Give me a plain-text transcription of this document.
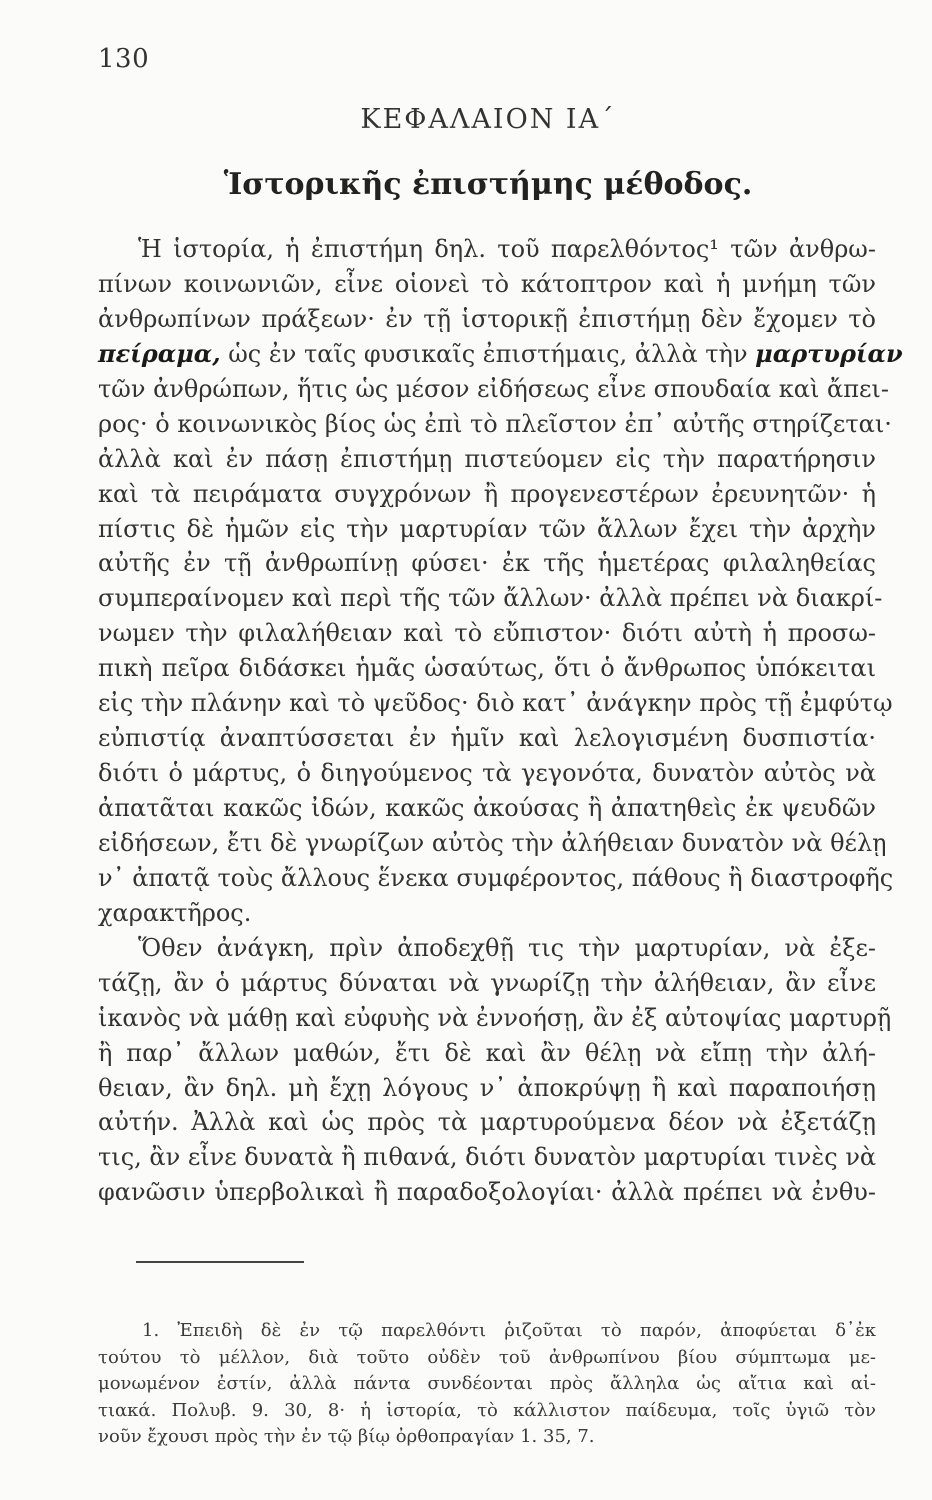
130
ΚΕΦΑΛΑΙΟΝ ΙΑ΄
Ἱστορικῆς ἐπιστήμης μέθοδος.
Ἡ ἱστορία, ἡ ἐπιστήμη δηλ. τοῦ παρελθόντος¹ τῶν ἀνθρω-
πίνων κοινωνιῶν, εἶνε οἱονεὶ τὸ κάτοπτρον καὶ ἡ μνήμη τῶν
ἀνθρωπίνων πράξεων· ἐν τῇ ἱστορικῇ ἐπιστήμῃ δὲν ἔχομεν τὸ
πείραμα, ὡς ἐν ταῖς φυσικαῖς ἐπιστήμαις, ἀλλὰ τὴν μαρτυρίαν
τῶν ἀνθρώπων, ἥτις ὡς μέσον εἰδήσεως εἶνε σπουδαία καὶ ἄπει-
ρος· ὁ κοινωνικὸς βίος ὡς ἐπὶ τὸ πλεῖστον ἐπ᾿ αὐτῆς στηρίζεται·
ἀλλὰ καὶ ἐν πάσῃ ἐπιστήμῃ πιστεύομεν εἰς τὴν παρατήρησιν
καὶ τὰ πειράματα συγχρόνων ἢ προγενεστέρων ἐρευνητῶν· ἡ
πίστις δὲ ἡμῶν εἰς τὴν μαρτυρίαν τῶν ἄλλων ἔχει τὴν ἀρχὴν
αὐτῆς ἐν τῇ ἀνθρωπίνῃ φύσει· ἐκ τῆς ἡμετέρας φιλαληθείας
συμπεραίνομεν καὶ περὶ τῆς τῶν ἄλλων· ἀλλὰ πρέπει νὰ διακρί-
νωμεν τὴν φιλαλήθειαν καὶ τὸ εὔπιστον· διότι αὐτὴ ἡ προσω-
πικὴ πεῖρα διδάσκει ἡμᾶς ὡσαύτως, ὅτι ὁ ἄνθρωπος ὑπόκειται
εἰς τὴν πλάνην καὶ τὸ ψεῦδος· διὸ κατ᾿ ἀνάγκην πρὸς τῇ ἐμφύτῳ
εὐπιστίᾳ ἀναπτύσσεται ἐν ἡμῖν καὶ λελογισμένη δυσπιστία·
διότι ὁ μάρτυς, ὁ διηγούμενος τὰ γεγονότα, δυνατὸν αὐτὸς νὰ
ἀπατᾶται κακῶς ἰδών, κακῶς ἀκούσας ἢ ἀπατηθεὶς ἐκ ψευδῶν
εἰδήσεων, ἔτι δὲ γνωρίζων αὐτὸς τὴν ἀλήθειαν δυνατὸν νὰ θέλῃ
ν᾿ ἀπατᾷ τοὺς ἄλλους ἕνεκα συμφέροντος, πάθους ἢ διαστροφῆς
χαρακτῆρος.
Ὅθεν ἀνάγκη, πρὶν ἀποδεχθῇ τις τὴν μαρτυρίαν, νὰ ἐξε-
τάζῃ, ἂν ὁ μάρτυς δύναται νὰ γνωρίζῃ τὴν ἀλήθειαν, ἂν εἶνε
ἱκανὸς νὰ μάθῃ καὶ εὐφυὴς νὰ ἐννοήσῃ, ἂν ἐξ αὐτοψίας μαρτυρῇ
ἢ παρ᾿ ἄλλων μαθών, ἔτι δὲ καὶ ἂν θέλῃ νὰ εἴπῃ τὴν ἀλή-
θειαν, ἂν δηλ. μὴ ἔχῃ λόγους ν᾿ ἀποκρύψῃ ἢ καὶ παραποιήσῃ
αὐτήν. Ἀλλὰ καὶ ὡς πρὸς τὰ μαρτυρούμενα δέον νὰ ἐξετάζῃ
τις, ἂν εἶνε δυνατὰ ἢ πιθανά, διότι δυνατὸν μαρτυρίαι τινὲς νὰ
φανῶσιν ὑπερβολικαὶ ἢ παραδοξολογίαι· ἀλλὰ πρέπει νὰ ἐνθυ-
1. Ἐπειδὴ δὲ ἐν τῷ παρελθόντι ῥιζοῦται τὸ παρόν, ἀποφύεται δ᾿ἐκ
τούτου τὸ μέλλον, διὰ τοῦτο οὐδὲν τοῦ ἀνθρωπίνου βίου σύμπτωμα με-
μονωμένον ἐστίν, ἀλλὰ πάντα συνδέονται πρὸς ἄλληλα ὡς αἴτια καὶ αἰ-
τιακά. Πολυβ. 9. 30, 8· ἡ ἱστορία, τὸ κάλλιστον παίδευμα, τοῖς ὑγιῶ τὸν
νοῦν ἔχουσι πρὸς τὴν ἐν τῷ βίῳ ὀρθοπραγίαν 1. 35, 7.
